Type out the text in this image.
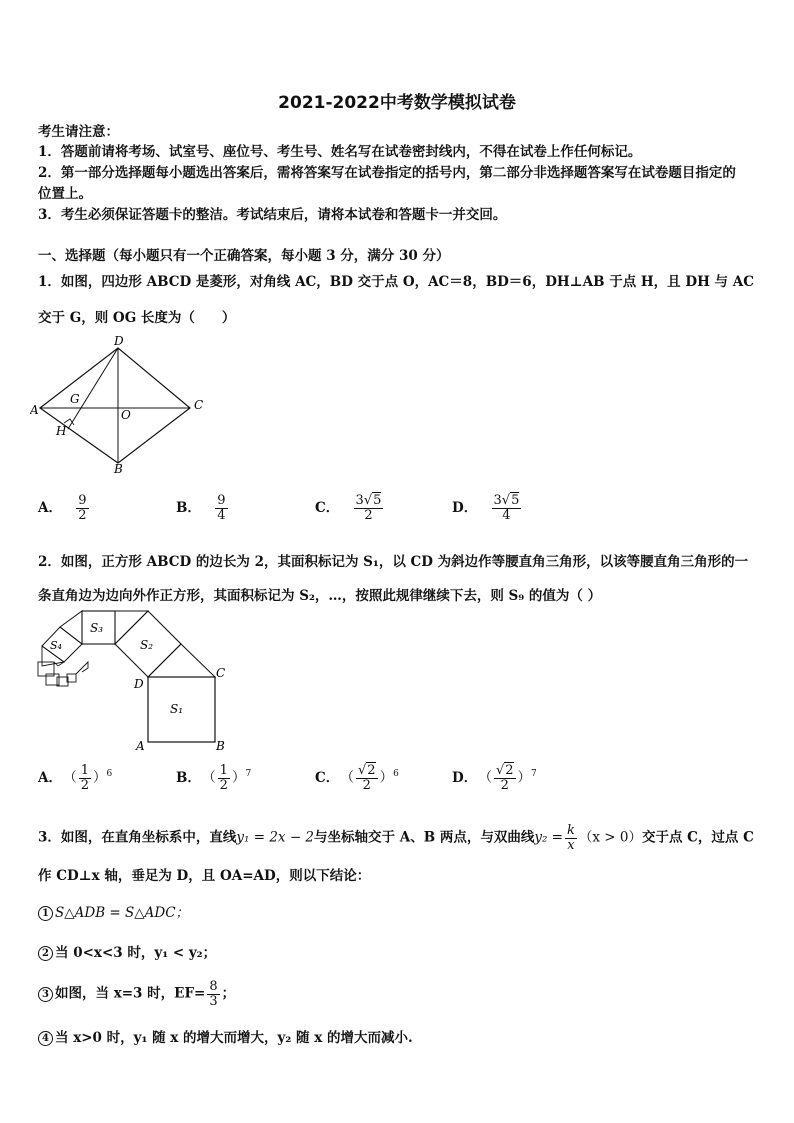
2021-2022中考数学模拟试卷
考生请注意：
1．答题前请将考场、试室号、座位号、考生号、姓名写在试卷密封线内，不得在试卷上作任何标记。
2．第一部分选择题每小题选出答案后，需将答案写在试卷指定的括号内，第二部分非选择题答案写在试卷题目指定的
位置上。
3．考生必须保证答题卡的整洁。考试结束后，请将本试卷和答题卡一并交回。
一、选择题（每小题只有一个正确答案，每小题 3 分，满分 30 分）
1．如图，四边形 ABCD 是菱形，对角线 AC，BD 交于点 O，AC＝8，BD＝6，DH⊥AB 于点 H，且 DH 与 AC
交于 G，则 OG 长度为（　　）
A	C
D
B
G
H
O
A． $\frac{9}{2}$	B． $\frac{9}{4}$	C． $\frac{3√5}{2}$	D． $\frac{3√5}{4}$
2．如图，正方形 ABCD 的边长为 2，其面积标记为 S₁，以 CD 为斜边作等腰直角三角形，以该等腰直角三角形的一
条直角边为边向外作正方形，其面积标记为 S₂，…，按照此规律继续下去，则 S₉ 的值为（ ）
S₁
S₂
S₃
S₄
A	B
C
D
A． （ $\frac{1}{2} )^6$	B． （ $\frac{1}{2} )^7$	C． （ $\frac{√2}{2} )^6$	D． （ $\frac{√2}{2} )^7$
3．如图，在直角坐标系中，直线y₁ = 2x − 2与坐标轴交于 A、B 两点，与双曲线$y_2 = \frac{k}{x} (x > 0)$交于点 C，过点 C
作 CD⊥x 轴，垂足为 D，且 OA=AD，则以下结论：
1 S△ADB = S△ADC；
2 当 0<x<3 时，y₁ < y₂；
3 如图，当 x=3 时，$EF= \frac{8}{3}$ ；
4 当 x>0 时，y₁ 随 x 的增大而增大，y₂ 随 x 的增大而减小.
